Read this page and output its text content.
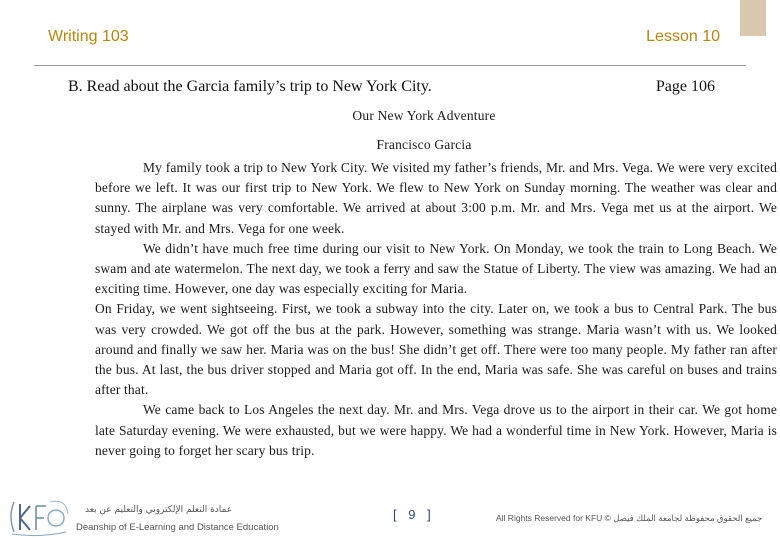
Writing 103	Lesson 10
B. Read about the Garcia family’s trip to New York City.	Page 106
Our New York Adventure
Francisco Garcia

My family took a trip to New York City. We visited my father’s friends, Mr. and Mrs. Vega. We were very excited before we left. It was our first trip to New York. We flew to New York on Sunday morning. The weather was clear and sunny. The airplane was very comfortable. We arrived at about 3:00 p.m. Mr. and Mrs. Vega met us at the airport. We stayed with Mr. and Mrs. Vega for one week.

We didn’t have much free time during our visit to New York. On Monday, we took the train to Long Beach. We swam and ate watermelon. The next day, we took a ferry and saw the Statue of Liberty. The view was amazing. We had an exciting time. However, one day was especially exciting for Maria.

On Friday, we went sightseeing. First, we took a subway into the city. Later on, we took a bus to Central Park. The bus was very crowded. We got off the bus at the park. However, something was strange. Maria wasn’t with us. We looked around and finally we saw her. Maria was on the bus! She didn’t get off. There were too many people. My father ran after the bus. At last, the bus driver stopped and Maria got off. In the end, Maria was safe. She was careful on buses and trains after that.

We came back to Los Angeles the next day. Mr. and Mrs. Vega drove us to the airport in their car. We got home late Saturday evening. We were exhausted, but we were happy. We had a wonderful time in New York. However, Maria is never going to forget her scary bus trip.

عمادة التعلم الإلكتروني والتعليم عن بعد
Deanship of E-Learning and Distance Education
[ 9 ]	All Rights Reserved for KFU © جميع الحقوق محفوظة لجامعة الملك فيصل
